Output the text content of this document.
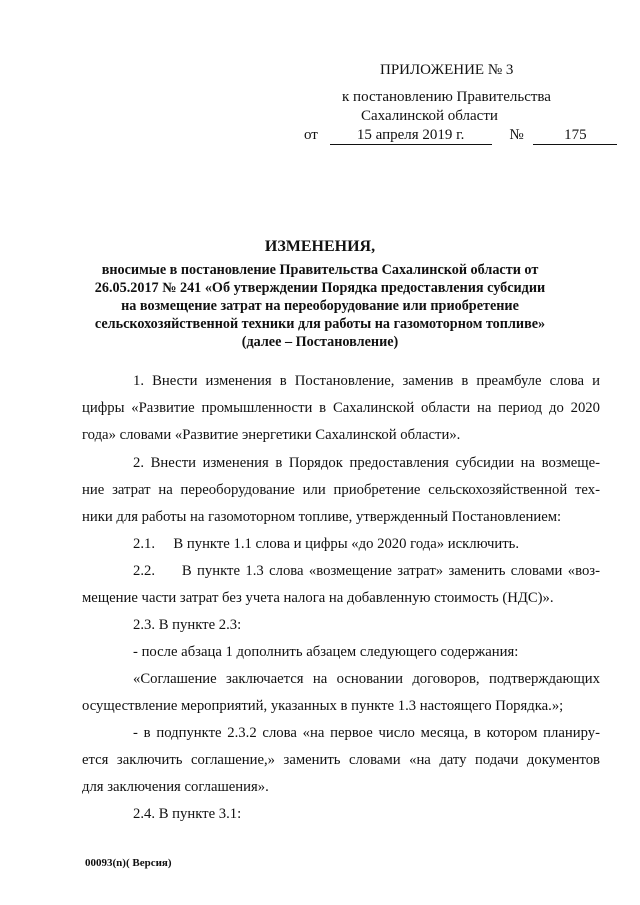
ПРИЛОЖЕНИЕ № 3
к постановлению Правительства
Сахалинской области
от	15 апреля 2019 г.	№	175
ИЗМЕНЕНИЯ,
вносимые в постановление Правительства Сахалинской области от
26.05.2017 № 241 «Об утверждении Порядка предоставления субсидии
на возмещение затрат на переоборудование или приобретение
сельскохозяйственной техники для работы на газомоторном топливе»
(далее – Постановление)
1. Внести изменения в Постановление, заменив в преамбуле слова и
цифры «Развитие промышленности в Сахалинской области на период до 2020
года» словами «Развитие энергетики Сахалинской области».
2. Внести изменения в Порядок предоставления субсидии на возмеще-
ние затрат на переоборудование или приобретение сельскохозяйственной тех-
ники для работы на газомоторном топливе, утвержденный Постановлением:
2.1.     В пункте 1.1 слова и цифры «до 2020 года» исключить.
2.2.     В пункте 1.3 слова «возмещение затрат» заменить словами «воз-
мещение части затрат без учета налога на добавленную стоимость (НДС)».
2.3. В пункте 2.3:
- после абзаца 1 дополнить абзацем следующего содержания:
«Соглашение заключается на основании договоров, подтверждающих
осуществление мероприятий, указанных в пункте 1.3 настоящего Порядка.»;
- в подпункте 2.3.2 слова «на первое число месяца, в котором планиру-
ется заключить соглашение,» заменить словами «на дату подачи документов
для заключения соглашения».
2.4. В пункте 3.1:
00093(n)( Версия)
